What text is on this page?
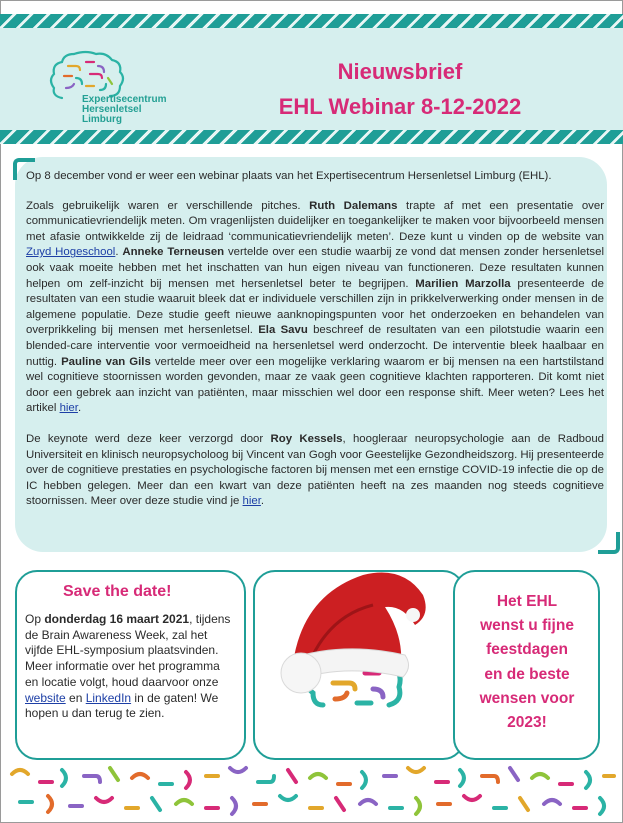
Expertisecentrum
Hersenletsel
Limburg
Nieuwsbrief
EHL Webinar 8-12-2022

Op 8 december vond er weer een webinar plaats van het Expertisecentrum Hersenletsel Limburg (EHL).

Zoals gebruikelijk waren er verschillende pitches. Ruth Dalemans trapte af met een presentatie over communicatievriendelijk meten. Om vragenlijsten duidelijker en toegankelijker te maken voor bijvoorbeeld mensen met afasie ontwikkelde zij de leidraad ‘communicatievriendelijk meten’. Deze kunt u vinden op de website van Zuyd Hogeschool. Anneke Terneusen vertelde over een studie waarbij ze vond dat mensen zonder hersenletsel ook vaak moeite hebben met het inschatten van hun eigen niveau van functioneren. Deze resultaten kunnen helpen om zelf-inzicht bij mensen met hersenletsel beter te begrijpen. Marilien Marzolla presenteerde de resultaten van een studie waaruit bleek dat er individuele verschillen zijn in prikkelverwerking onder mensen in de algemene populatie. Deze studie geeft nieuwe aanknopingspunten voor het onderzoeken en behandelen van overprikkeling bij mensen met hersenletsel. Ela Savu beschreef de resultaten van een pilotstudie waarin een blended-care interventie voor vermoeidheid na hersenletsel werd onderzocht. De interventie bleek haalbaar en nuttig. Pauline van Gils vertelde meer over een mogelijke verklaring waarom er bij mensen na een hartstilstand wel cognitieve stoornissen worden gevonden, maar ze vaak geen cognitieve klachten rapporteren. Dit komt niet door een gebrek aan inzicht van patiënten, maar misschien wel door een response shift. Meer weten? Lees het artikel hier.

De keynote werd deze keer verzorgd door Roy Kessels, hoogleraar neuropsychologie aan de Radboud Universiteit en klinisch neuropsycholoog bij Vincent van Gogh voor Geestelijke Gezondheidszorg. Hij presenteerde over de cognitieve prestaties en psychologische factoren bij mensen met een ernstige COVID-19 infectie die op de IC hebben gelegen. Meer dan een kwart van deze patiënten heeft na zes maanden nog steeds cognitieve stoornissen. Meer over deze studie vind je hier.

Save the date!
Op donderdag 16 maart 2021, tijdens de Brain Awareness Week, zal het vijfde EHL-symposium plaatsvinden. Meer informatie over het programma en locatie volgt, houd daarvoor onze website en LinkedIn in de gaten! We hopen u dan terug te zien.
Het EHL
wenst u fijne
feestdagen
en de beste
wensen voor
2023!
